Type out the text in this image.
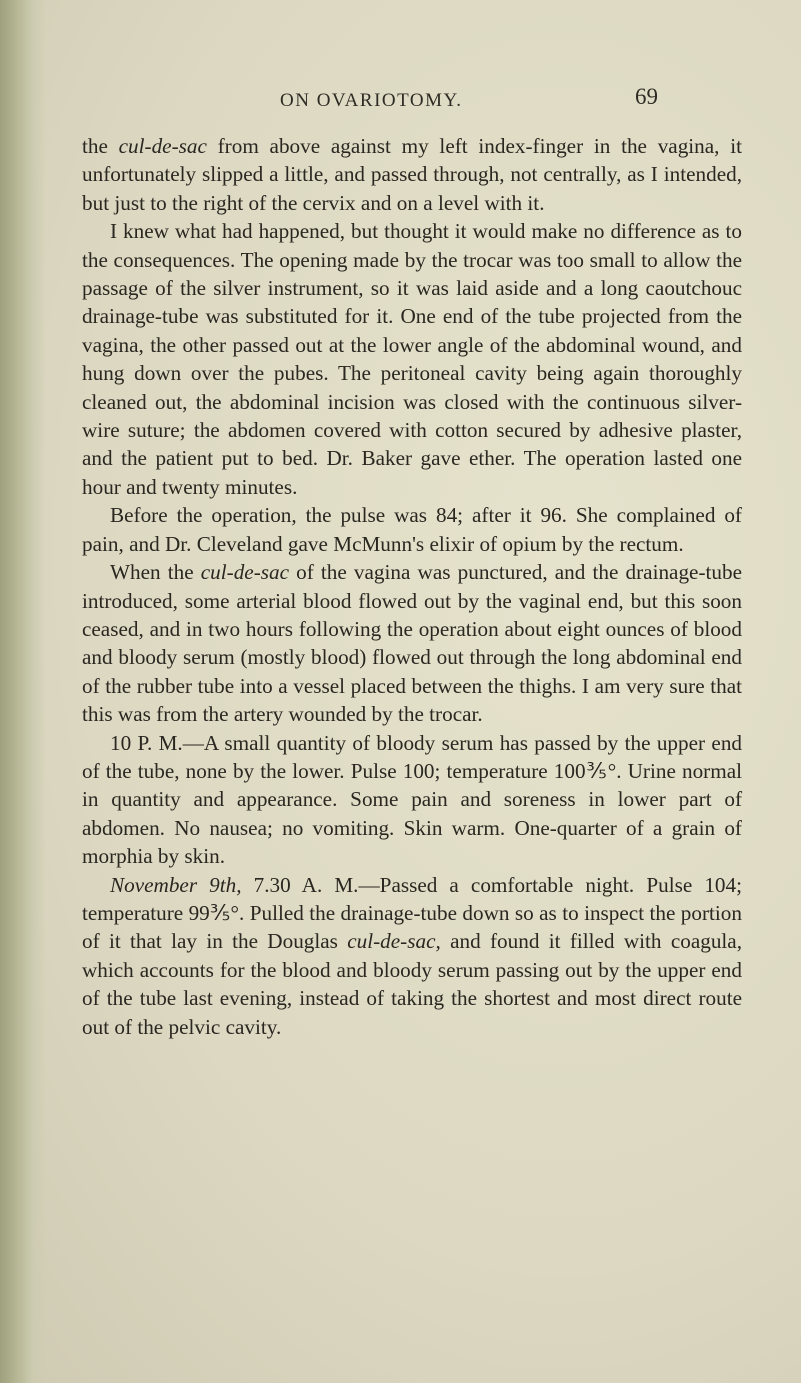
ON OVARIOTOMY.	69

the cul-de-sac from above against my left index-finger in the vagina, it unfortunately slipped a little, and passed through, not centrally, as I intended, but just to the right of the cervix and on a level with it.

I knew what had happened, but thought it would make no difference as to the consequences. The opening made by the trocar was too small to allow the passage of the silver instrument, so it was laid aside and a long caoutchouc drainage-tube was substituted for it. One end of the tube projected from the vagina, the other passed out at the lower angle of the abdominal wound, and hung down over the pubes. The peritoneal cavity being again thoroughly cleaned out, the abdominal incision was closed with the continuous silver-wire suture; the abdomen covered with cotton secured by adhesive plaster, and the patient put to bed. Dr. Baker gave ether. The operation lasted one hour and twenty minutes.

Before the operation, the pulse was 84; after it 96. She complained of pain, and Dr. Cleveland gave McMunn's elixir of opium by the rectum.

When the cul-de-sac of the vagina was punctured, and the drainage-tube introduced, some arterial blood flowed out by the vaginal end, but this soon ceased, and in two hours following the operation about eight ounces of blood and bloody serum (mostly blood) flowed out through the long abdominal end of the rubber tube into a vessel placed between the thighs. I am very sure that this was from the artery wounded by the trocar.

10 P. M.—A small quantity of bloody serum has passed by the upper end of the tube, none by the lower. Pulse 100; temperature 100⅗°. Urine normal in quantity and appearance. Some pain and soreness in lower part of abdomen. No nausea; no vomiting. Skin warm. One-quarter of a grain of morphia by skin.

November 9th, 7.30 A. M.—Passed a comfortable night. Pulse 104; temperature 99⅗°. Pulled the drainage-tube down so as to inspect the portion of it that lay in the Douglas cul-de-sac, and found it filled with coagula, which accounts for the blood and bloody serum passing out by the upper end of the tube last evening, instead of taking the shortest and most direct route out of the pelvic cavity.
